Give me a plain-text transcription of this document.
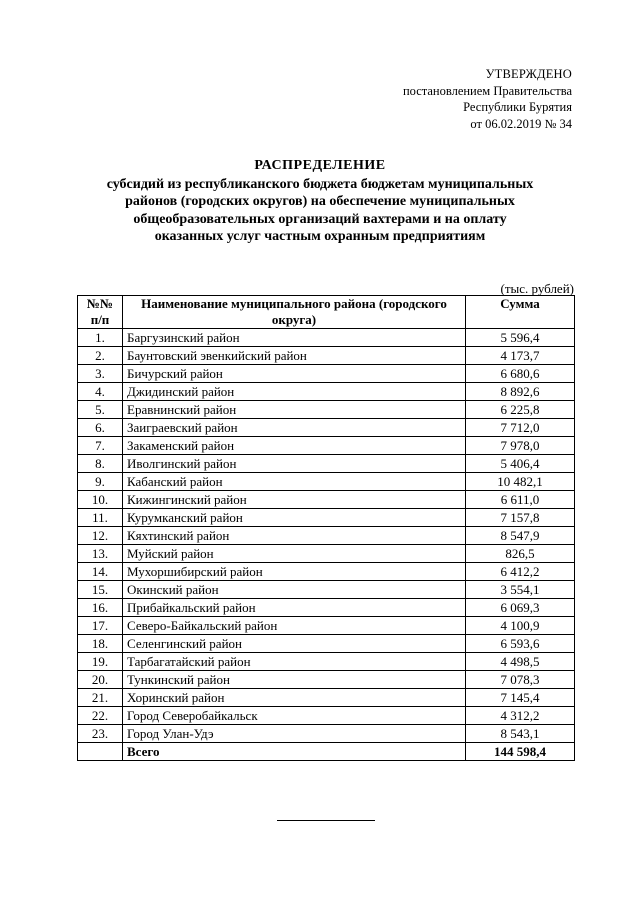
УТВЕРЖДЕНО
постановлением Правительства
Республики Бурятия
от 06.02.2019 № 34
РАСПРЕДЕЛЕНИЕ
субсидий из республиканского бюджета бюджетам муниципальных
районов (городских округов) на обеспечение муниципальных
общеобразовательных организаций вахтерами и на оплату
оказанных услуг частным охранным предприятиям
(тыс. рублей)
№№ п/п	Наименование муниципального района (городского округа)	Сумма
1.	Баргузинский район	5 596,4
2.	Баунтовский эвенкийский район	4 173,7
3.	Бичурский район	6 680,6
4.	Джидинский район	8 892,6
5.	Еравнинский район	6 225,8
6.	Заиграевский район	7 712,0
7.	Закаменский район	7 978,0
8.	Иволгинский район	5 406,4
9.	Кабанский район	10 482,1
10.	Кижингинский район	6 611,0
11.	Курумканский район	7 157,8
12.	Кяхтинский район	8 547,9
13.	Муйский район	826,5
14.	Мухоршибирский район	6 412,2
15.	Окинский район	3 554,1
16.	Прибайкальский район	6 069,3
17.	Северо-Байкальский район	4 100,9
18.	Селенгинский район	6 593,6
19.	Тарбагатайский район	4 498,5
20.	Тункинский район	7 078,3
21.	Хоринский район	7 145,4
22.	Город Северобайкальск	4 312,2
23.	Город Улан-Удэ	8 543,1
	Всего	144 598,4
